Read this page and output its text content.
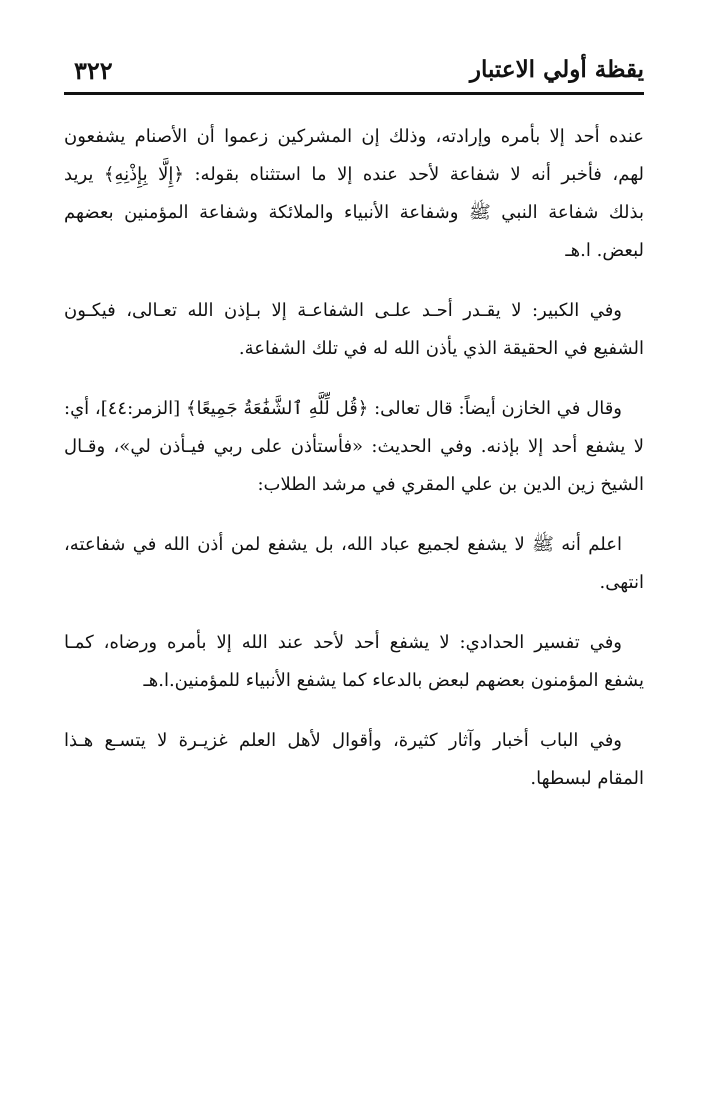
يقظة أولي الاعتبار
٣٢٢
عنده أحد إلا بأمره وإرادته، وذلك إن المشركين زعموا أن الأصنام يشفعون
لهم، فأخبر أنه لا شفاعة لأحد عنده إلا ما استثناه بقوله: ﴿إِلَّا بِإِذْنِهِ﴾ يريد
بذلك شفاعة النبي ﷺ وشفاعة الأنبياء والملائكة وشفاعة المؤمنين بعضهم
لبعض. ا.هـ
وفي الكبير: لا يقـدر أحـد علـى الشفاعـة إلا بـإذن الله تعـالى، فيكـون
الشفيع في الحقيقة الذي يأذن الله له في تلك الشفاعة.
وقال في الخازن أيضاً: قال تعالى: ﴿قُل لِّلَّهِ ٱلشَّفَٰعَةُ جَمِيعًا﴾ [الزمر:٤٤]، أي:
لا يشفع أحد إلا بإذنه. وفي الحديث: «فأستأذن على ربي فيـأذن لي»، وقـال
الشيخ زين الدين بن علي المقري في مرشد الطلاب:
اعلم أنه ﷺ لا يشفع لجميع عباد الله، بل يشفع لمن أذن الله في شفاعته،
انتهى.
وفي تفسير الحدادي: لا يشفع أحد لأحد عند الله إلا بأمره ورضاه، كمـا
يشفع المؤمنون بعضهم لبعض بالدعاء كما يشفع الأنبياء للمؤمنين.ا.هـ
وفي الباب أخبار وآثار كثيرة، وأقوال لأهل العلم غزيـرة لا يتسـع هـذا
المقام لبسطها.
